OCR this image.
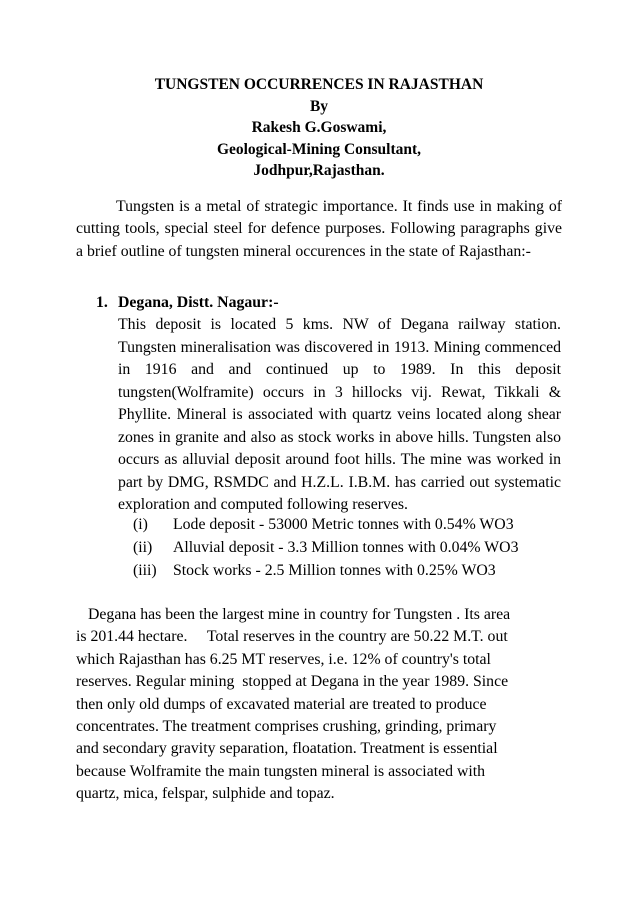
TUNGSTEN OCCURRENCES IN RAJASTHAN
By
Rakesh G.Goswami,
Geological-Mining Consultant,
Jodhpur,Rajasthan.
Tungsten is a metal of strategic importance. It finds use in making of cutting tools, special steel for defence purposes. Following paragraphs give a brief outline of tungsten mineral occurences in the state of Rajasthan:-
1. Degana, Distt. Nagaur:-
This deposit is located 5 kms. NW of Degana railway station. Tungsten mineralisation was discovered in 1913. Mining commenced in 1916 and and continued up to 1989. In this deposit tungsten(Wolframite) occurs in 3 hillocks vij. Rewat, Tikkali & Phyllite. Mineral is associated with quartz veins located along shear zones in granite and also as stock works in above hills. Tungsten also occurs as alluvial deposit around foot hills. The mine was worked in part by DMG, RSMDC and H.Z.L. I.B.M. has carried out systematic exploration and computed following reserves.
(i)	Lode deposit - 53000 Metric tonnes with 0.54% WO3
(ii)	Alluvial deposit - 3.3 Million tonnes with 0.04% WO3
(iii)	Stock works - 2.5 Million tonnes with 0.25% WO3
Degana has been the largest mine in country for Tungsten . Its area
is 201.44 hectare.     Total reserves in the country are 50.22 M.T. out
which Rajasthan has 6.25 MT reserves, i.e. 12% of country's total
reserves. Regular mining  stopped at Degana in the year 1989. Since
then only old dumps of excavated material are treated to produce
concentrates. The treatment comprises crushing, grinding, primary
and secondary gravity separation, floatation. Treatment is essential
because Wolframite the main tungsten mineral is associated with
quartz, mica, felspar, sulphide and topaz.
